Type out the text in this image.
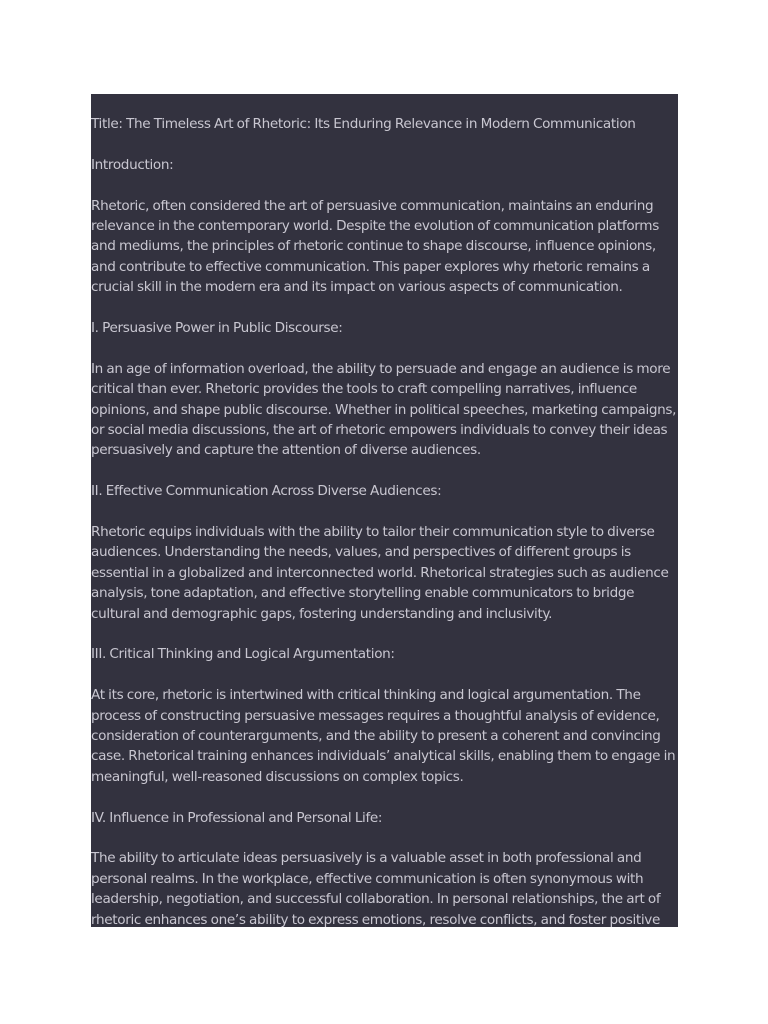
Title: The Timeless Art of Rhetoric: Its Enduring Relevance in Modern Communication

Introduction:

Rhetoric, often considered the art of persuasive communication, maintains an enduring relevance in the contemporary world. Despite the evolution of communication platforms and mediums, the principles of rhetoric continue to shape discourse, influence opinions, and contribute to effective communication. This paper explores why rhetoric remains a crucial skill in the modern era and its impact on various aspects of communication.

I. Persuasive Power in Public Discourse:

In an age of information overload, the ability to persuade and engage an audience is more critical than ever. Rhetoric provides the tools to craft compelling narratives, influence opinions, and shape public discourse. Whether in political speeches, marketing campaigns, or social media discussions, the art of rhetoric empowers individuals to convey their ideas persuasively and capture the attention of diverse audiences.

II. Effective Communication Across Diverse Audiences:

Rhetoric equips individuals with the ability to tailor their communication style to diverse audiences. Understanding the needs, values, and perspectives of different groups is essential in a globalized and interconnected world. Rhetorical strategies such as audience analysis, tone adaptation, and effective storytelling enable communicators to bridge cultural and demographic gaps, fostering understanding and inclusivity.

III. Critical Thinking and Logical Argumentation:

At its core, rhetoric is intertwined with critical thinking and logical argumentation. The process of constructing persuasive messages requires a thoughtful analysis of evidence, consideration of counterarguments, and the ability to present a coherent and convincing case. Rhetorical training enhances individuals’ analytical skills, enabling them to engage in meaningful, well-reasoned discussions on complex topics.

IV. Influence in Professional and Personal Life:

The ability to articulate ideas persuasively is a valuable asset in both professional and personal realms. In the workplace, effective communication is often synonymous with leadership, negotiation, and successful collaboration. In personal relationships, the art of rhetoric enhances one’s ability to express emotions, resolve conflicts, and foster positive
